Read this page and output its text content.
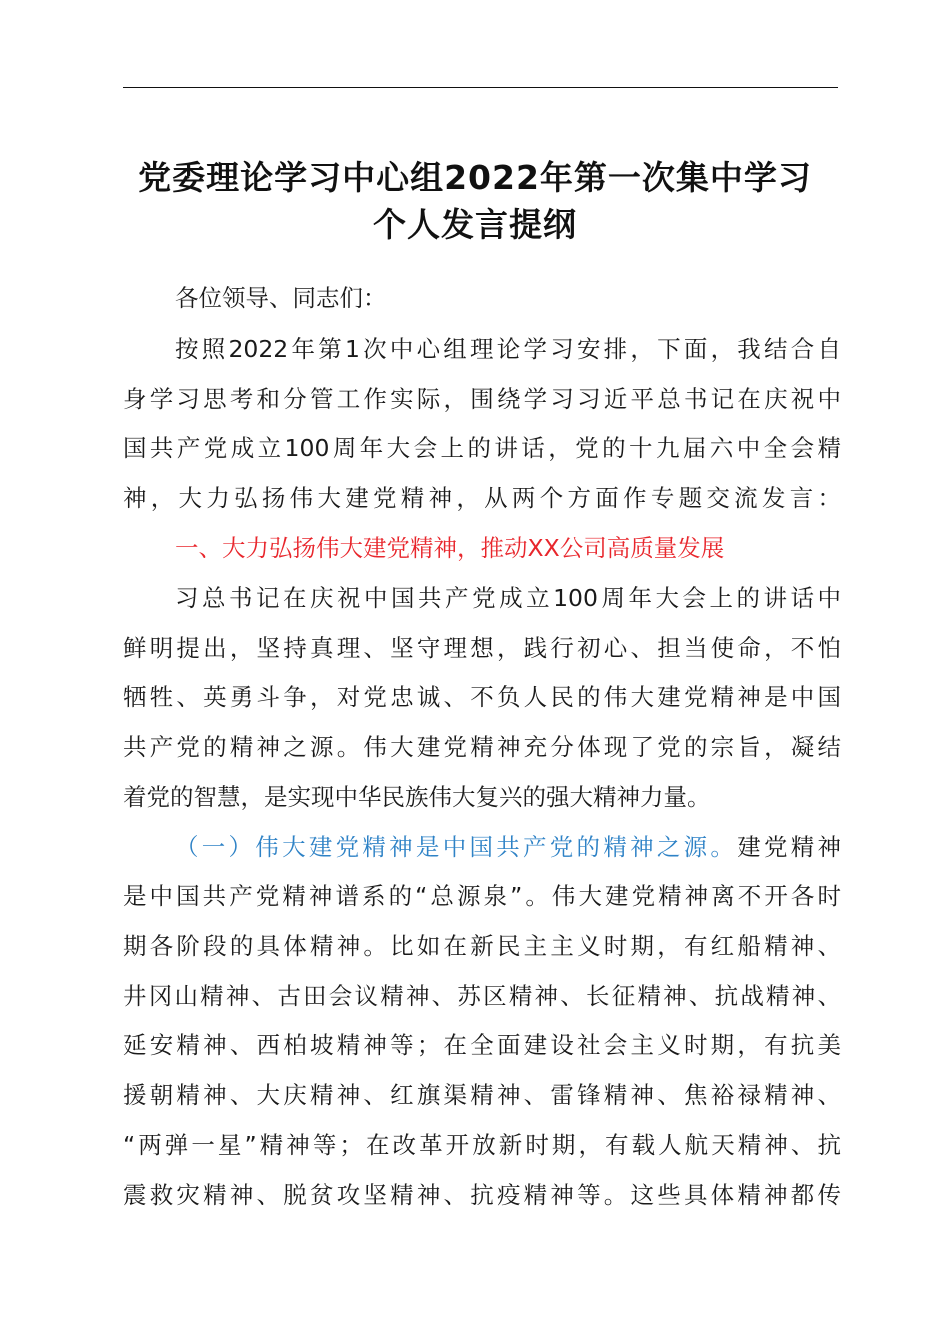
党委理论学习中心组2022年第一次集中学习
个人发言提纲
各位领导、同志们：
按照2022年第1次中心组理论学习安排，下面，我结合自
身学习思考和分管工作实际，围绕学习习近平总书记在庆祝中
国共产党成立100周年大会上的讲话，党的十九届六中全会精
神，大力弘扬伟大建党精神，从两个方面作专题交流发言：
一、大力弘扬伟大建党精神，推动XX公司高质量发展
习总书记在庆祝中国共产党成立100周年大会上的讲话中
鲜明提出，坚持真理、坚守理想，践行初心、担当使命，不怕
牺牲、英勇斗争，对党忠诚、不负人民的伟大建党精神是中国
共产党的精神之源。伟大建党精神充分体现了党的宗旨，凝结
着党的智慧，是实现中华民族伟大复兴的强大精神力量。
（一）伟大建党精神是中国共产党的精神之源。建党精神
是中国共产党精神谱系的“总源泉”。伟大建党精神离不开各时
期各阶段的具体精神。比如在新民主主义时期，有红船精神、
井冈山精神、古田会议精神、苏区精神、长征精神、抗战精神、
延安精神、西柏坡精神等；在全面建设社会主义时期，有抗美
援朝精神、大庆精神、红旗渠精神、雷锋精神、焦裕禄精神、
“两弹一星”精神等；在改革开放新时期，有载人航天精神、抗
震救灾精神、脱贫攻坚精神、抗疫精神等。这些具体精神都传
